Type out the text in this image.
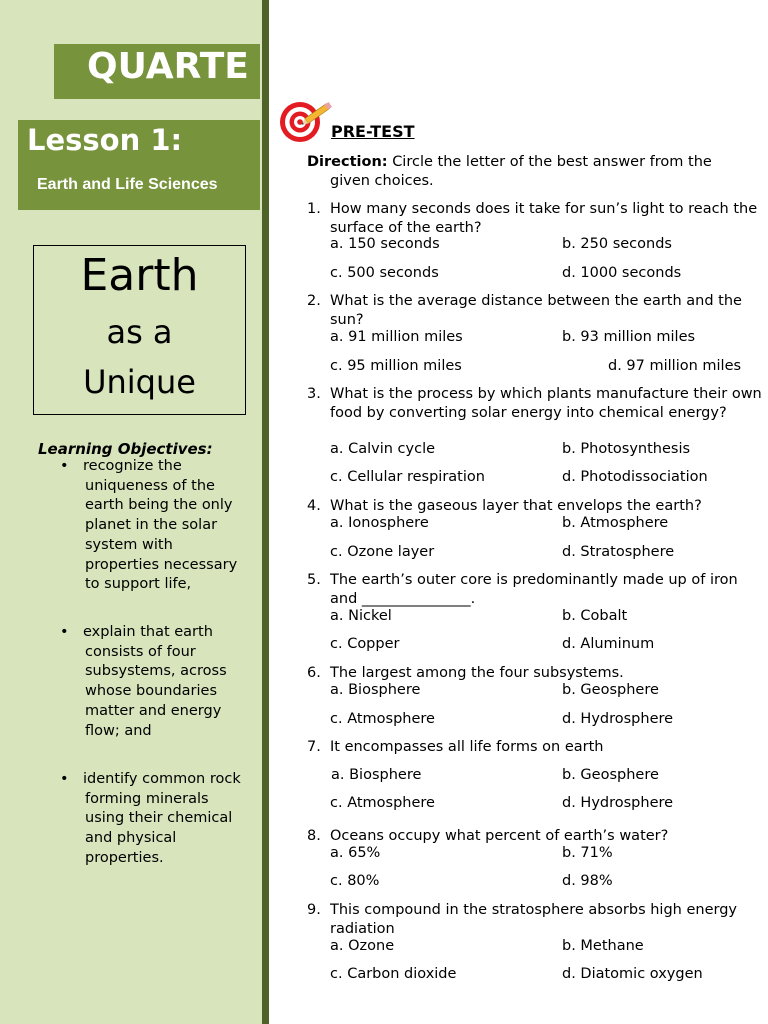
QUARTE
Lesson 1:
Earth and Life Sciences
Earth
as a
Unique
Learning Objectives:
• recognize the uniqueness of the earth being the only planet in the solar system with properties necessary to support life,
• explain that earth consists of four subsystems, across whose boundaries matter and energy flow; and
• identify common rock forming minerals using their chemical and physical properties.
PRE-TEST
Direction: Circle the letter of the best answer from the
given choices.
1. How many seconds does it take for sun’s light to reach the surface of the earth?
a. 150 seconds	b. 250 seconds
c. 500 seconds	d. 1000 seconds
2. What is the average distance between the earth and the sun?
a. 91 million miles	b. 93 million miles
c. 95 million miles	d. 97 million miles
3. What is the process by which plants manufacture their own food by converting solar energy into chemical energy?
a. Calvin cycle	b. Photosynthesis
c. Cellular respiration	d. Photodissociation
4. What is the gaseous layer that envelops the earth?
a. Ionosphere	b. Atmosphere
c. Ozone layer	d. Stratosphere
5. The earth’s outer core is predominantly made up of iron and _______________.
a. Nickel	b. Cobalt
c. Copper	d. Aluminum
6. The largest among the four subsystems.
a. Biosphere	b. Geosphere
c. Atmosphere	d. Hydrosphere
7. It encompasses all life forms on earth
a. Biosphere	b. Geosphere
c. Atmosphere	d. Hydrosphere
8. Oceans occupy what percent of earth’s water?
a. 65%	b. 71%
c. 80%	d. 98%
9. This compound in the stratosphere absorbs high energy radiation
a. Ozone	b. Methane
c. Carbon dioxide	d. Diatomic oxygen
